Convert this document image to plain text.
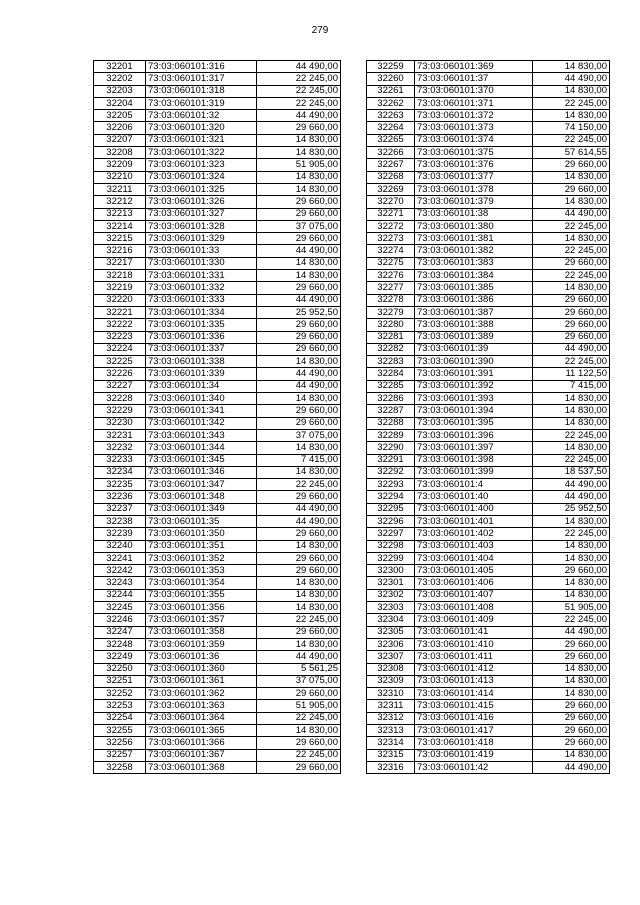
279
32201	73:03:060101:316	44 490,00
32202	73:03:060101:317	22 245,00
32203	73:03:060101:318	22 245,00
32204	73:03:060101:319	22 245,00
32205	73:03:060101:32	44 490,00
32206	73:03:060101:320	29 660,00
32207	73:03:060101:321	14 830,00
32208	73:03:060101:322	14 830,00
32209	73:03:060101:323	51 905,00
32210	73:03:060101:324	14 830,00
32211	73:03:060101:325	14 830,00
32212	73:03:060101:326	29 660,00
32213	73:03:060101:327	29 660,00
32214	73:03:060101:328	37 075,00
32215	73:03:060101:329	29 660,00
32216	73:03:060101:33	44 490,00
32217	73:03:060101:330	14 830,00
32218	73:03:060101:331	14 830,00
32219	73:03:060101:332	29 660,00
32220	73:03:060101:333	44 490,00
32221	73:03:060101:334	25 952,50
32222	73:03:060101:335	29 660,00
32223	73:03:060101:336	29 660,00
32224	73:03:060101:337	29 660,00
32225	73:03:060101:338	14 830,00
32226	73:03:060101:339	44 490,00
32227	73:03:060101:34	44 490,00
32228	73:03:060101:340	14 830,00
32229	73:03:060101:341	29 660,00
32230	73:03:060101:342	29 660,00
32231	73:03:060101:343	37 075,00
32232	73:03:060101:344	14 830,00
32233	73:03:060101:345	7 415,00
32234	73:03:060101:346	14 830,00
32235	73:03:060101:347	22 245,00
32236	73:03:060101:348	29 660,00
32237	73:03:060101:349	44 490,00
32238	73:03:060101:35	44 490,00
32239	73:03:060101:350	29 660,00
32240	73:03:060101:351	14 830,00
32241	73:03:060101:352	29 660,00
32242	73:03:060101:353	29 660,00
32243	73:03:060101:354	14 830,00
32244	73:03:060101:355	14 830,00
32245	73:03:060101:356	14 830,00
32246	73:03:060101:357	22 245,00
32247	73:03:060101:358	29 660,00
32248	73:03:060101:359	14 830,00
32249	73:03:060101:36	44 490,00
32250	73:03:060101:360	5 561,25
32251	73:03:060101:361	37 075,00
32252	73:03:060101:362	29 660,00
32253	73:03:060101:363	51 905,00
32254	73:03:060101:364	22 245,00
32255	73:03:060101:365	14 830,00
32256	73:03:060101:366	29 660,00
32257	73:03:060101:367	22 245,00
32258	73:03:060101:368	29 660,00
32259	73:03:060101:369	14 830,00
32260	73:03:060101:37	44 490,00
32261	73:03:060101:370	14 830,00
32262	73:03:060101:371	22 245,00
32263	73:03:060101:372	14 830,00
32264	73:03:060101:373	74 150,00
32265	73:03:060101:374	22 245,00
32266	73:03:060101:375	57 614,55
32267	73:03:060101:376	29 660,00
32268	73:03:060101:377	14 830,00
32269	73:03:060101:378	29 660,00
32270	73:03:060101:379	14 830,00
32271	73:03:060101:38	44 490,00
32272	73:03:060101:380	22 245,00
32273	73:03:060101:381	14 830,00
32274	73:03:060101:382	22 245,00
32275	73:03:060101:383	29 660,00
32276	73:03:060101:384	22 245,00
32277	73:03:060101:385	14 830,00
32278	73:03:060101:386	29 660,00
32279	73:03:060101:387	29 660,00
32280	73:03:060101:388	29 660,00
32281	73:03:060101:389	29 660,00
32282	73:03:060101:39	44 490,00
32283	73:03:060101:390	22 245,00
32284	73:03:060101:391	11 122,50
32285	73:03:060101:392	7 415,00
32286	73:03:060101:393	14 830,00
32287	73:03:060101:394	14 830,00
32288	73:03:060101:395	14 830,00
32289	73:03:060101:396	22 245,00
32290	73:03:060101:397	14 830,00
32291	73:03:060101:398	22 245,00
32292	73:03:060101:399	18 537,50
32293	73:03:060101:4	44 490,00
32294	73:03:060101:40	44 490,00
32295	73:03:060101:400	25 952,50
32296	73:03:060101:401	14 830,00
32297	73:03:060101:402	22 245,00
32298	73:03:060101:403	14 830,00
32299	73:03:060101:404	14 830,00
32300	73:03:060101:405	29 660,00
32301	73:03:060101:406	14 830,00
32302	73:03:060101:407	14 830,00
32303	73:03:060101:408	51 905,00
32304	73:03:060101:409	22 245,00
32305	73:03:060101:41	44 490,00
32306	73:03:060101:410	29 660,00
32307	73:03:060101:411	29 660,00
32308	73:03:060101:412	14 830,00
32309	73:03:060101:413	14 830,00
32310	73:03:060101:414	14 830,00
32311	73:03:060101:415	29 660,00
32312	73:03:060101:416	29 660,00
32313	73:03:060101:417	29 660,00
32314	73:03:060101:418	29 660,00
32315	73:03:060101:419	14 830,00
32316	73:03:060101:42	44 490,00
